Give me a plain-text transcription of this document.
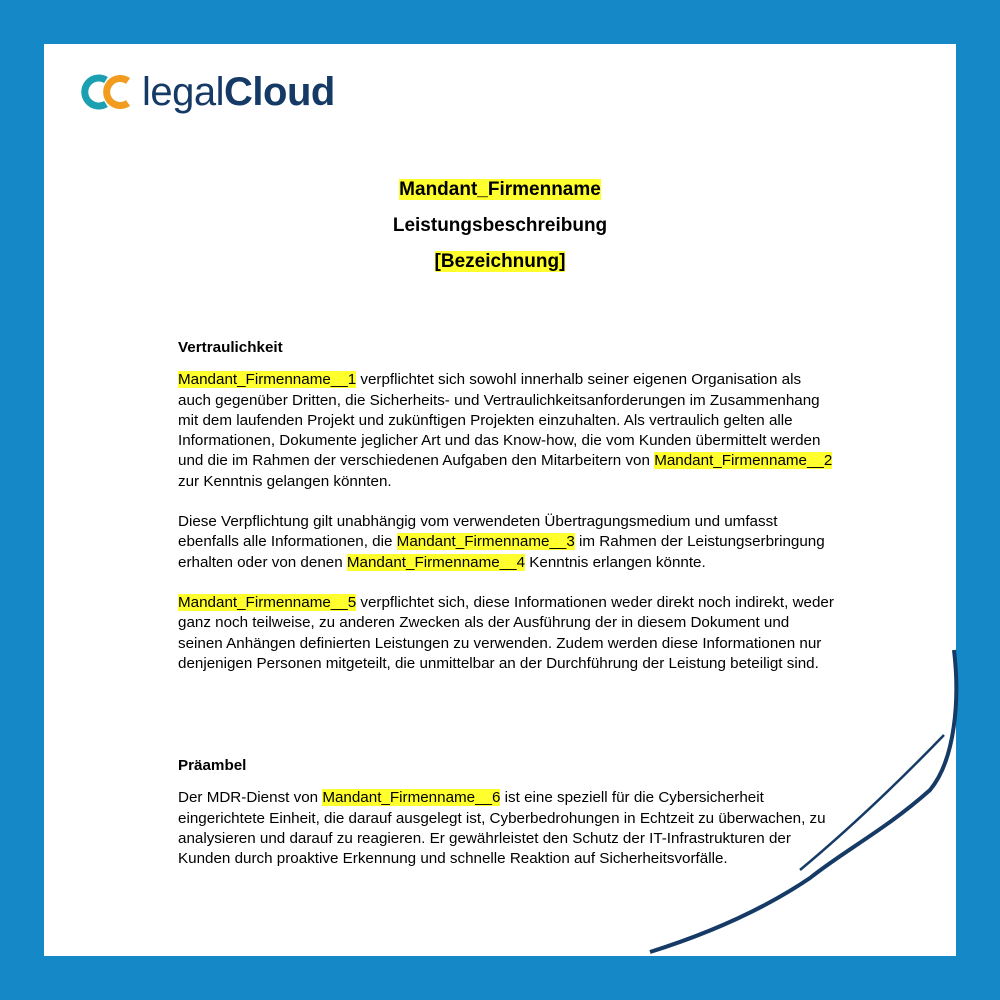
legalCloud
Mandant_Firmenname
Leistungsbeschreibung
[Bezeichnung]
Vertraulichkeit
Mandant_Firmenname__1 verpflichtet sich sowohl innerhalb seiner eigenen Organisation als auch gegenüber Dritten, die Sicherheits- und Vertraulichkeitsanforderungen im Zusammenhang mit dem laufenden Projekt und zukünftigen Projekten einzuhalten. Als vertraulich gelten alle Informationen, Dokumente jeglicher Art und das Know-how, die vom Kunden übermittelt werden und die im Rahmen der verschiedenen Aufgaben den Mitarbeitern von Mandant_Firmenname__2 zur Kenntnis gelangen könnten.
Diese Verpflichtung gilt unabhängig vom verwendeten Übertragungsmedium und umfasst ebenfalls alle Informationen, die Mandant_Firmenname__3 im Rahmen der Leistungserbringung erhalten oder von denen Mandant_Firmenname__4 Kenntnis erlangen könnte.
Mandant_Firmenname__5 verpflichtet sich, diese Informationen weder direkt noch indirekt, weder ganz noch teilweise, zu anderen Zwecken als der Ausführung der in diesem Dokument und seinen Anhängen definierten Leistungen zu verwenden. Zudem werden diese Informationen nur denjenigen Personen mitgeteilt, die unmittelbar an der Durchführung der Leistung beteiligt sind.
Präambel
Der MDR-Dienst von Mandant_Firmenname__6 ist eine speziell für die Cybersicherheit eingerichtete Einheit, die darauf ausgelegt ist, Cyberbedrohungen in Echtzeit zu überwachen, zu analysieren und darauf zu reagieren. Er gewährleistet den Schutz der IT-Infrastrukturen der Kunden durch proaktive Erkennung und schnelle Reaktion auf Sicherheitsvorfälle.
